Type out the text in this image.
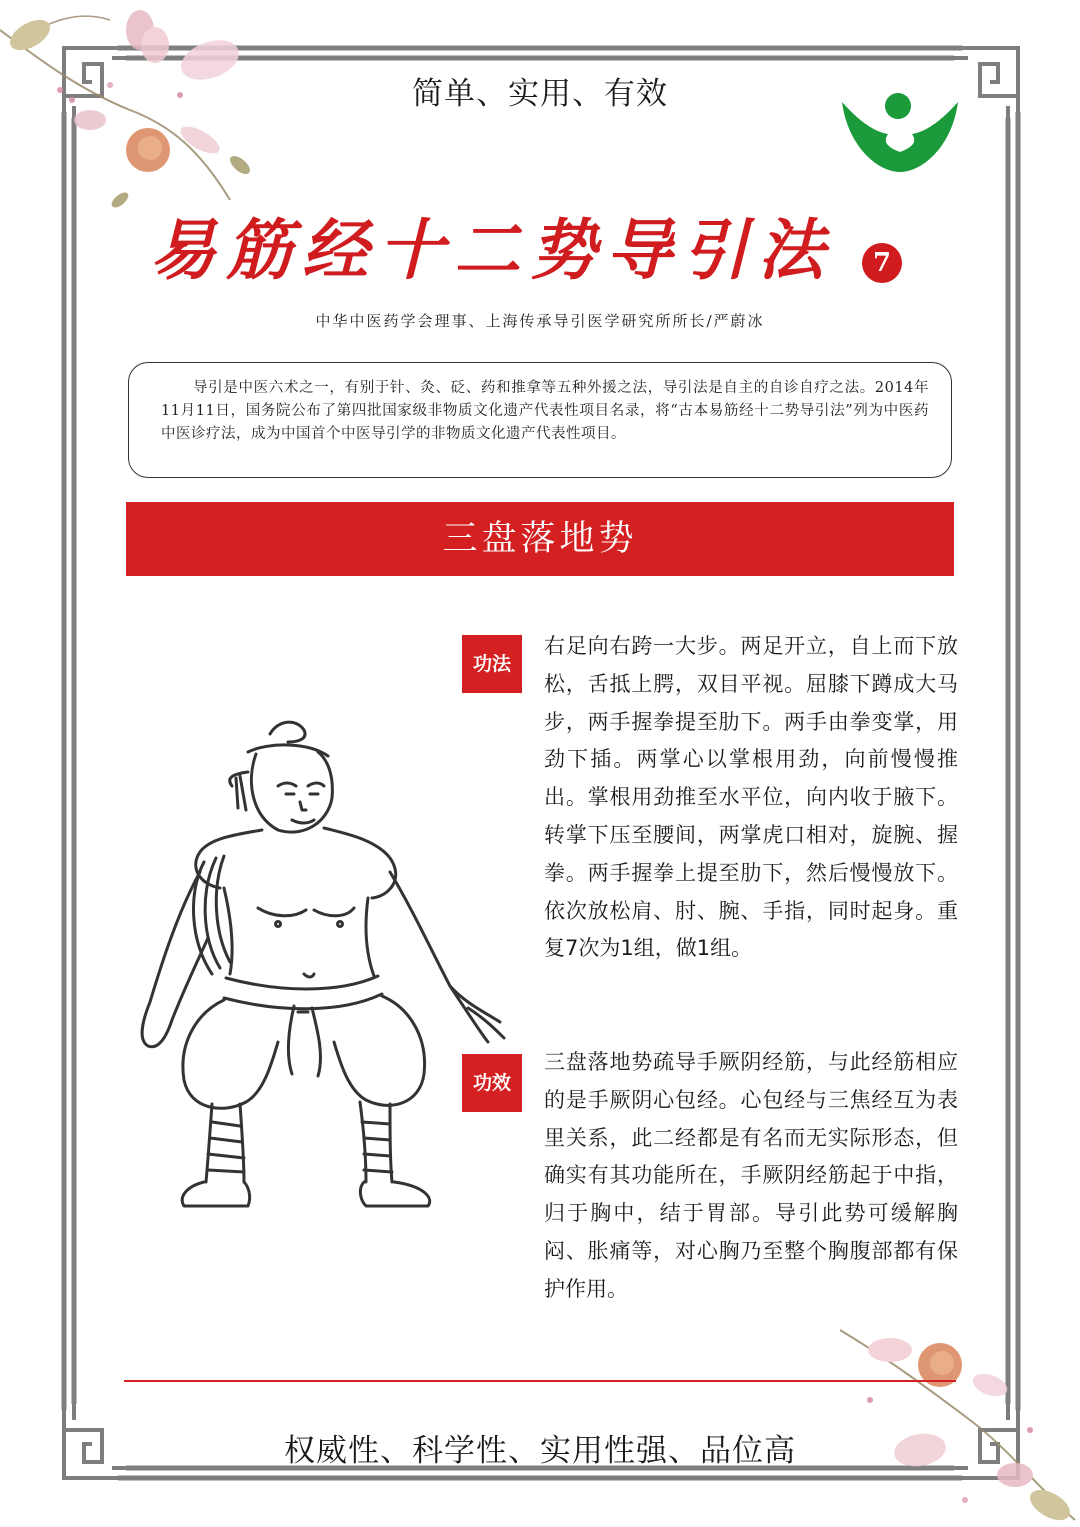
简单、实用、有效
易筋经十二势导引法	7
中华中医药学会理事、上海传承导引医学研究所所长/严蔚冰
导引是中医六术之一，有别于针、灸、砭、药和推拿等五种外援之法，导引法是自主的自诊自疗之法。2014年11月11日，国务院公布了第四批国家级非物质文化遗产代表性项目名录，将“古本易筋经十二势导引法”列为中医药中医诊疗法，成为中国首个中医导引学的非物质文化遗产代表性项目。
三盘落地势
功法
右足向右跨一大步。两足开立，自上而下放松，舌抵上腭，双目平视。屈膝下蹲成大马步，两手握拳提至肋下。两手由拳变掌，用劲下插。两掌心以掌根用劲，向前慢慢推出。掌根用劲推至水平位，向内收于腋下。转掌下压至腰间，两掌虎口相对，旋腕、握拳。两手握拳上提至肋下，然后慢慢放下。依次放松肩、肘、腕、手指，同时起身。重复7次为1组，做1组。
功效
三盘落地势疏导手厥阴经筋，与此经筋相应的是手厥阴心包经。心包经与三焦经互为表里关系，此二经都是有名而无实际形态，但确实有其功能所在，手厥阴经筋起于中指，归于胸中，结于胃部。导引此势可缓解胸闷、胀痛等，对心胸乃至整个胸腹部都有保护作用。
权威性、科学性、实用性强、品位高
